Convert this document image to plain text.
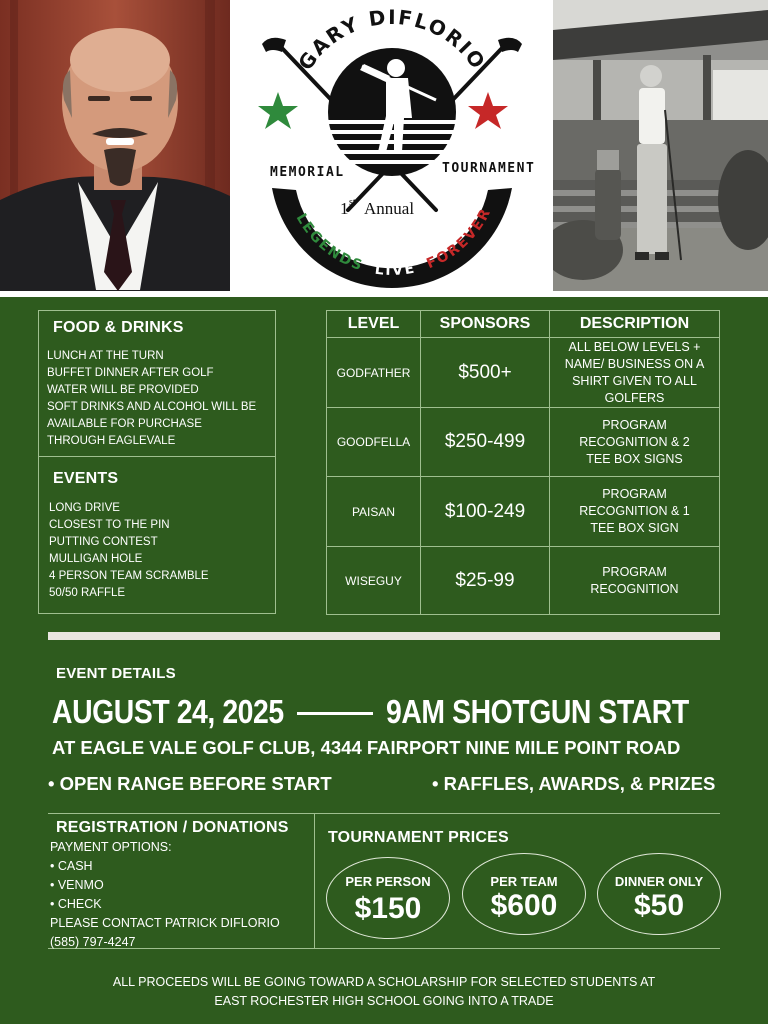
GARY DIFLORIO
MEMORIAL	TOURNAMENT
1 st Annual
LEGENDS LIVE FOREVER
FOOD & DRINKS
LUNCH AT THE TURN
BUFFET DINNER AFTER GOLF
WATER WILL BE PROVIDED
SOFT DRINKS AND ALCOHOL WILL BE
AVAILABLE FOR PURCHASE
THROUGH EAGLEVALE
EVENTS
LONG DRIVE
CLOSEST TO THE PIN
PUTTING CONTEST
MULLIGAN HOLE
4 PERSON TEAM SCRAMBLE
50/50 RAFFLE
LEVEL	SPONSORS	DESCRIPTION
GODFATHER	$500+	ALL BELOW LEVELS +
NAME/ BUSINESS ON A
SHIRT GIVEN TO ALL
GOLFERS

GOODFELLA	$250-499	PROGRAM
RECOGNITION & 2
TEE BOX SIGNS

PAISAN	$100-249	PROGRAM
RECOGNITION & 1
TEE BOX SIGN

WISEGUY	$25-99	PROGRAM
RECOGNITION
EVENT DETAILS
AUGUST 24, 2025	9AM SHOTGUN START
AT EAGLE VALE GOLF CLUB, 4344 FAIRPORT NINE MILE POINT ROAD
• OPEN RANGE BEFORE START	• RAFFLES, AWARDS, & PRIZES
REGISTRATION / DONATIONS
PAYMENT OPTIONS:
• CASH
• VENMO
• CHECK
PLEASE CONTACT PATRICK DIFLORIO
(585) 797-4247
TOURNAMENT PRICES
PER PERSON
$150
PER TEAM
$600
DINNER ONLY
$50
ALL PROCEEDS WILL BE GOING TOWARD A SCHOLARSHIP FOR SELECTED STUDENTS AT
EAST ROCHESTER HIGH SCHOOL GOING INTO A TRADE
